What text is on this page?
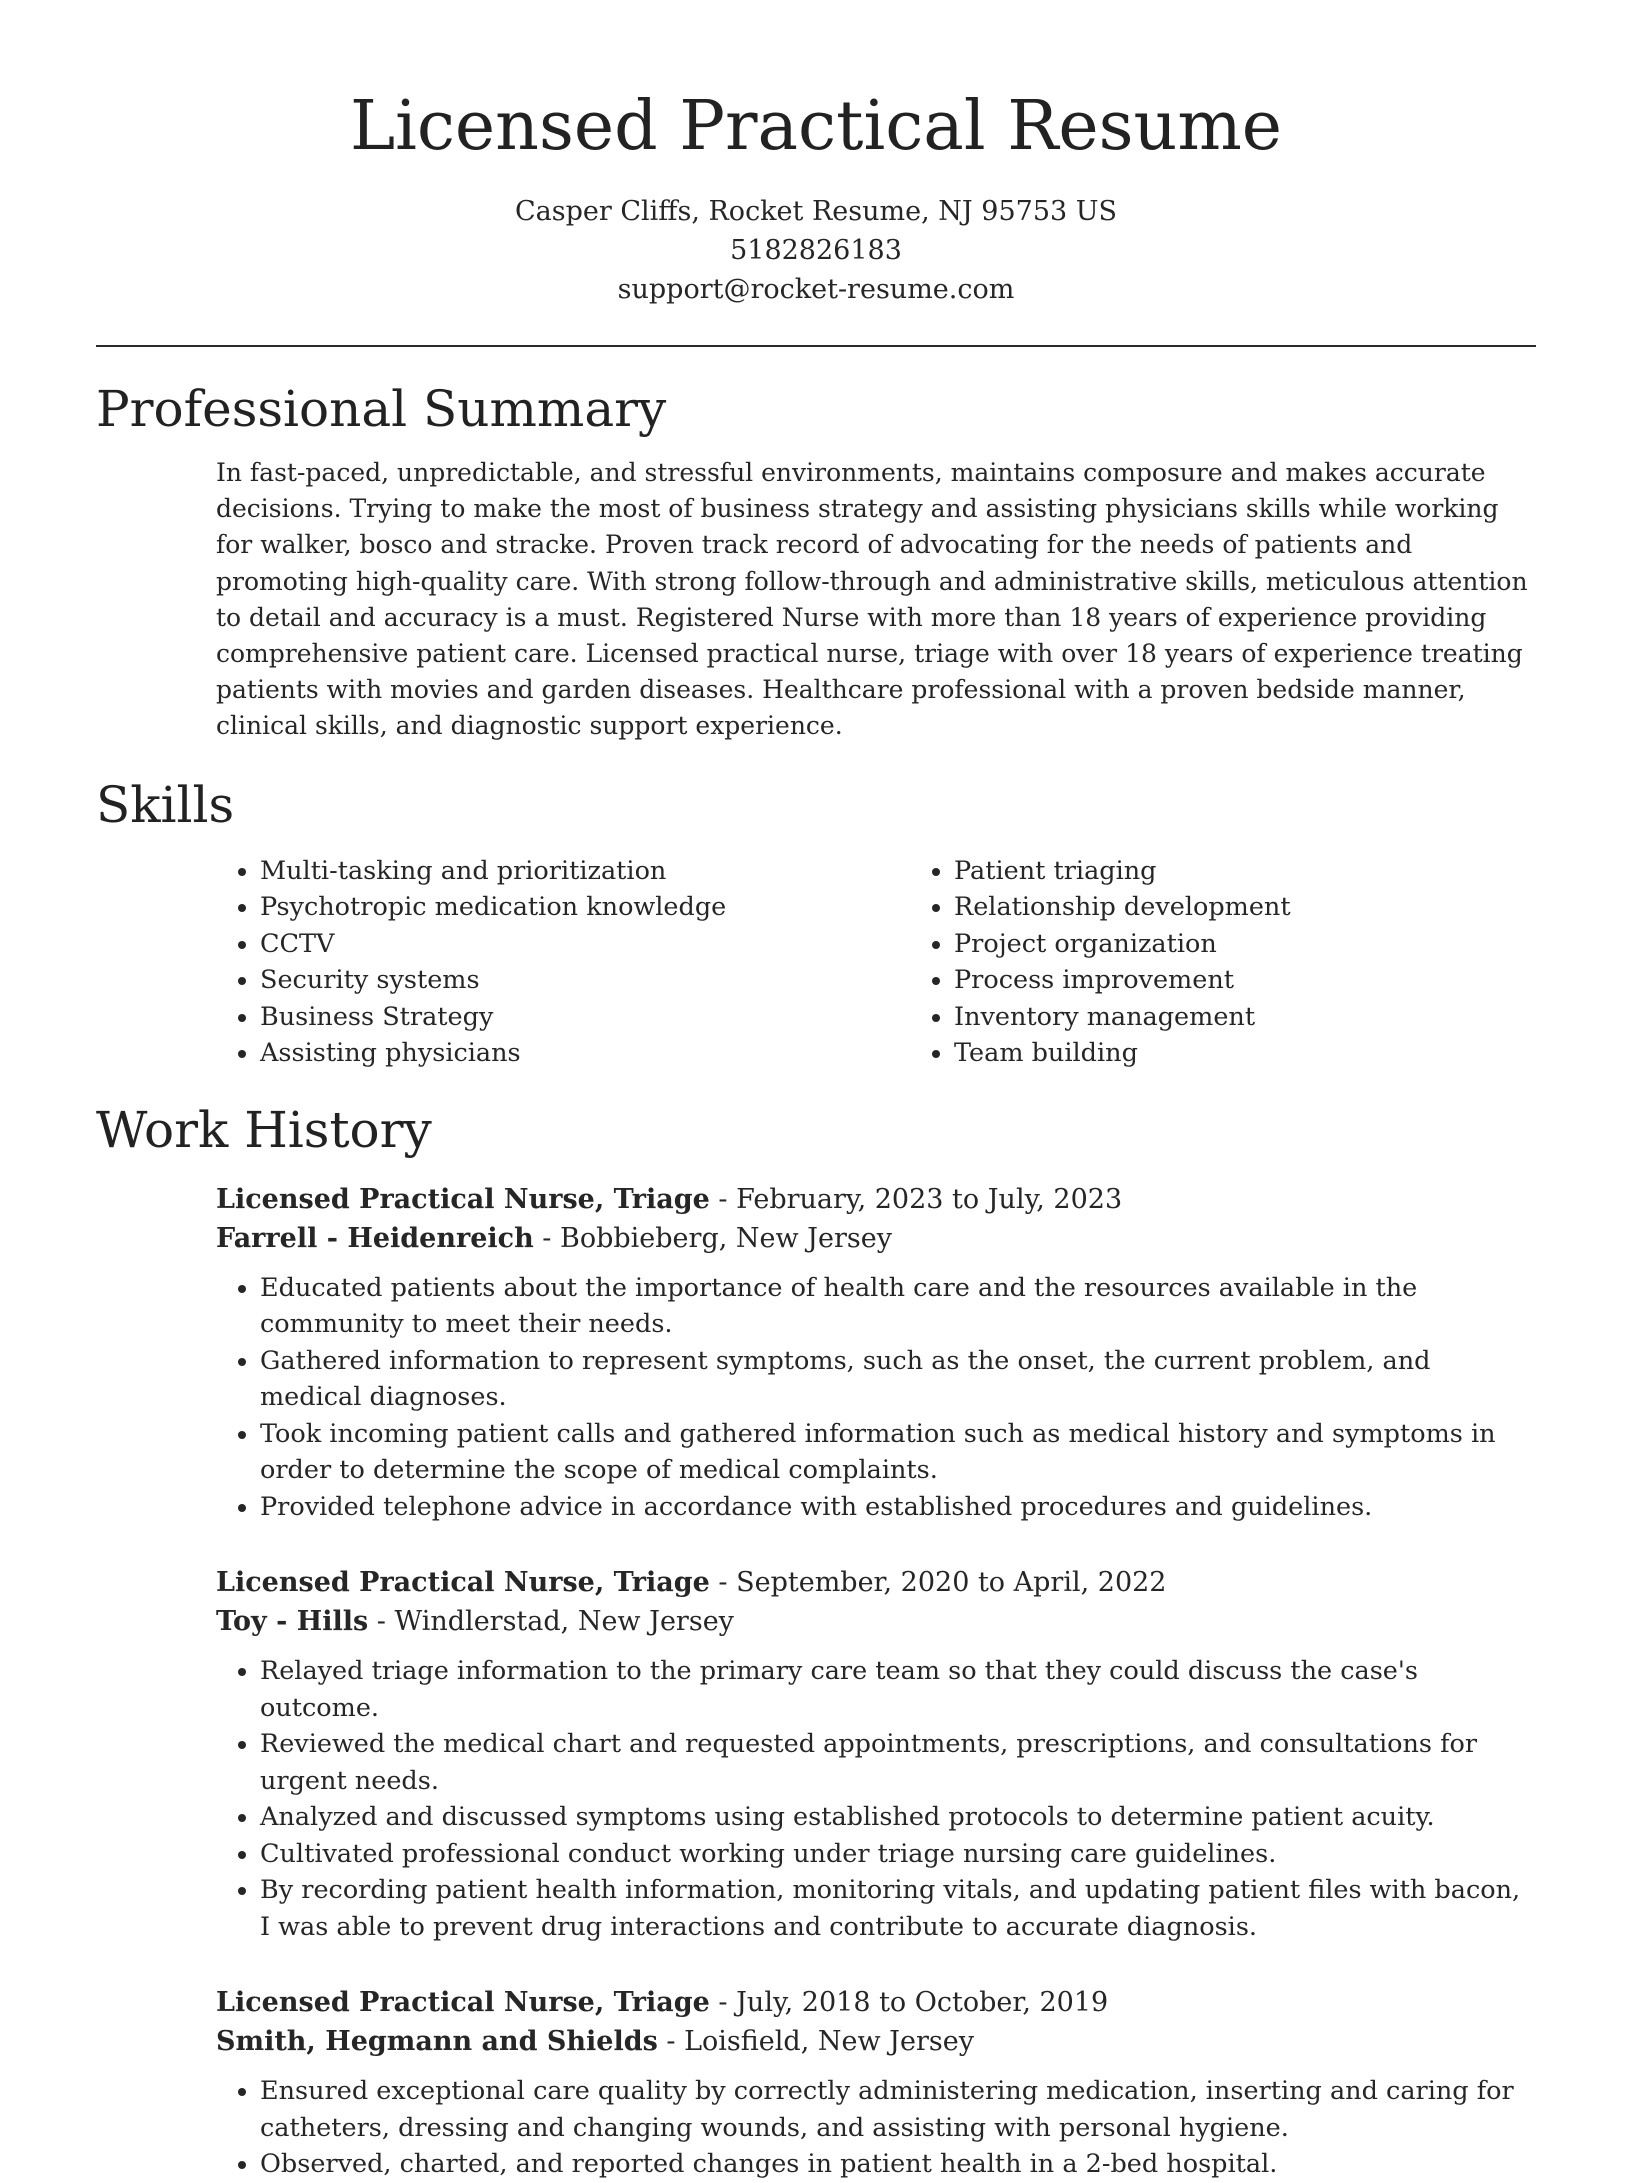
Licensed Practical Resume
Casper Cliffs, Rocket Resume, NJ 95753 US
5182826183
support@rocket-resume.com
Professional Summary

In fast-paced, unpredictable, and stressful environments, maintains composure and makes accurate decisions. Trying to make the most of business strategy and assisting physicians skills while working for walker, bosco and stracke. Proven track record of advocating for the needs of patients and promoting high-quality care. With strong follow-through and administrative skills, meticulous attention to detail and accuracy is a must. Registered Nurse with more than 18 years of experience providing comprehensive patient care. Licensed practical nurse, triage with over 18 years of experience treating patients with movies and garden diseases. Healthcare professional with a proven bedside manner, clinical skills, and diagnostic support experience.

Skills
• Multi-tasking and prioritization
• Psychotropic medication knowledge
• CCTV
• Security systems
• Business Strategy
• Assisting physicians
• Patient triaging
• Relationship development
• Project organization
• Process improvement
• Inventory management
• Team building
Work History
Licensed Practical Nurse, Triage - February, 2023 to July, 2023
Farrell - Heidenreich - Bobbieberg, New Jersey
• Educated patients about the importance of health care and the resources available in the community to meet their needs.
• Gathered information to represent symptoms, such as the onset, the current problem, and medical diagnoses.
• Took incoming patient calls and gathered information such as medical history and symptoms in order to determine the scope of medical complaints.
• Provided telephone advice in accordance with established procedures and guidelines.
Licensed Practical Nurse, Triage - September, 2020 to April, 2022
Toy - Hills - Windlerstad, New Jersey
• Relayed triage information to the primary care team so that they could discuss the case's outcome.
• Reviewed the medical chart and requested appointments, prescriptions, and consultations for urgent needs.
• Analyzed and discussed symptoms using established protocols to determine patient acuity.
• Cultivated professional conduct working under triage nursing care guidelines.
• By recording patient health information, monitoring vitals, and updating patient files with bacon, I was able to prevent drug interactions and contribute to accurate diagnosis.
Licensed Practical Nurse, Triage - July, 2018 to October, 2019
Smith, Hegmann and Shields - Loisfield, New Jersey
• Ensured exceptional care quality by correctly administering medication, inserting and caring for catheters, dressing and changing wounds, and assisting with personal hygiene.
• Observed, charted, and reported changes in patient health in a 2-bed hospital.
